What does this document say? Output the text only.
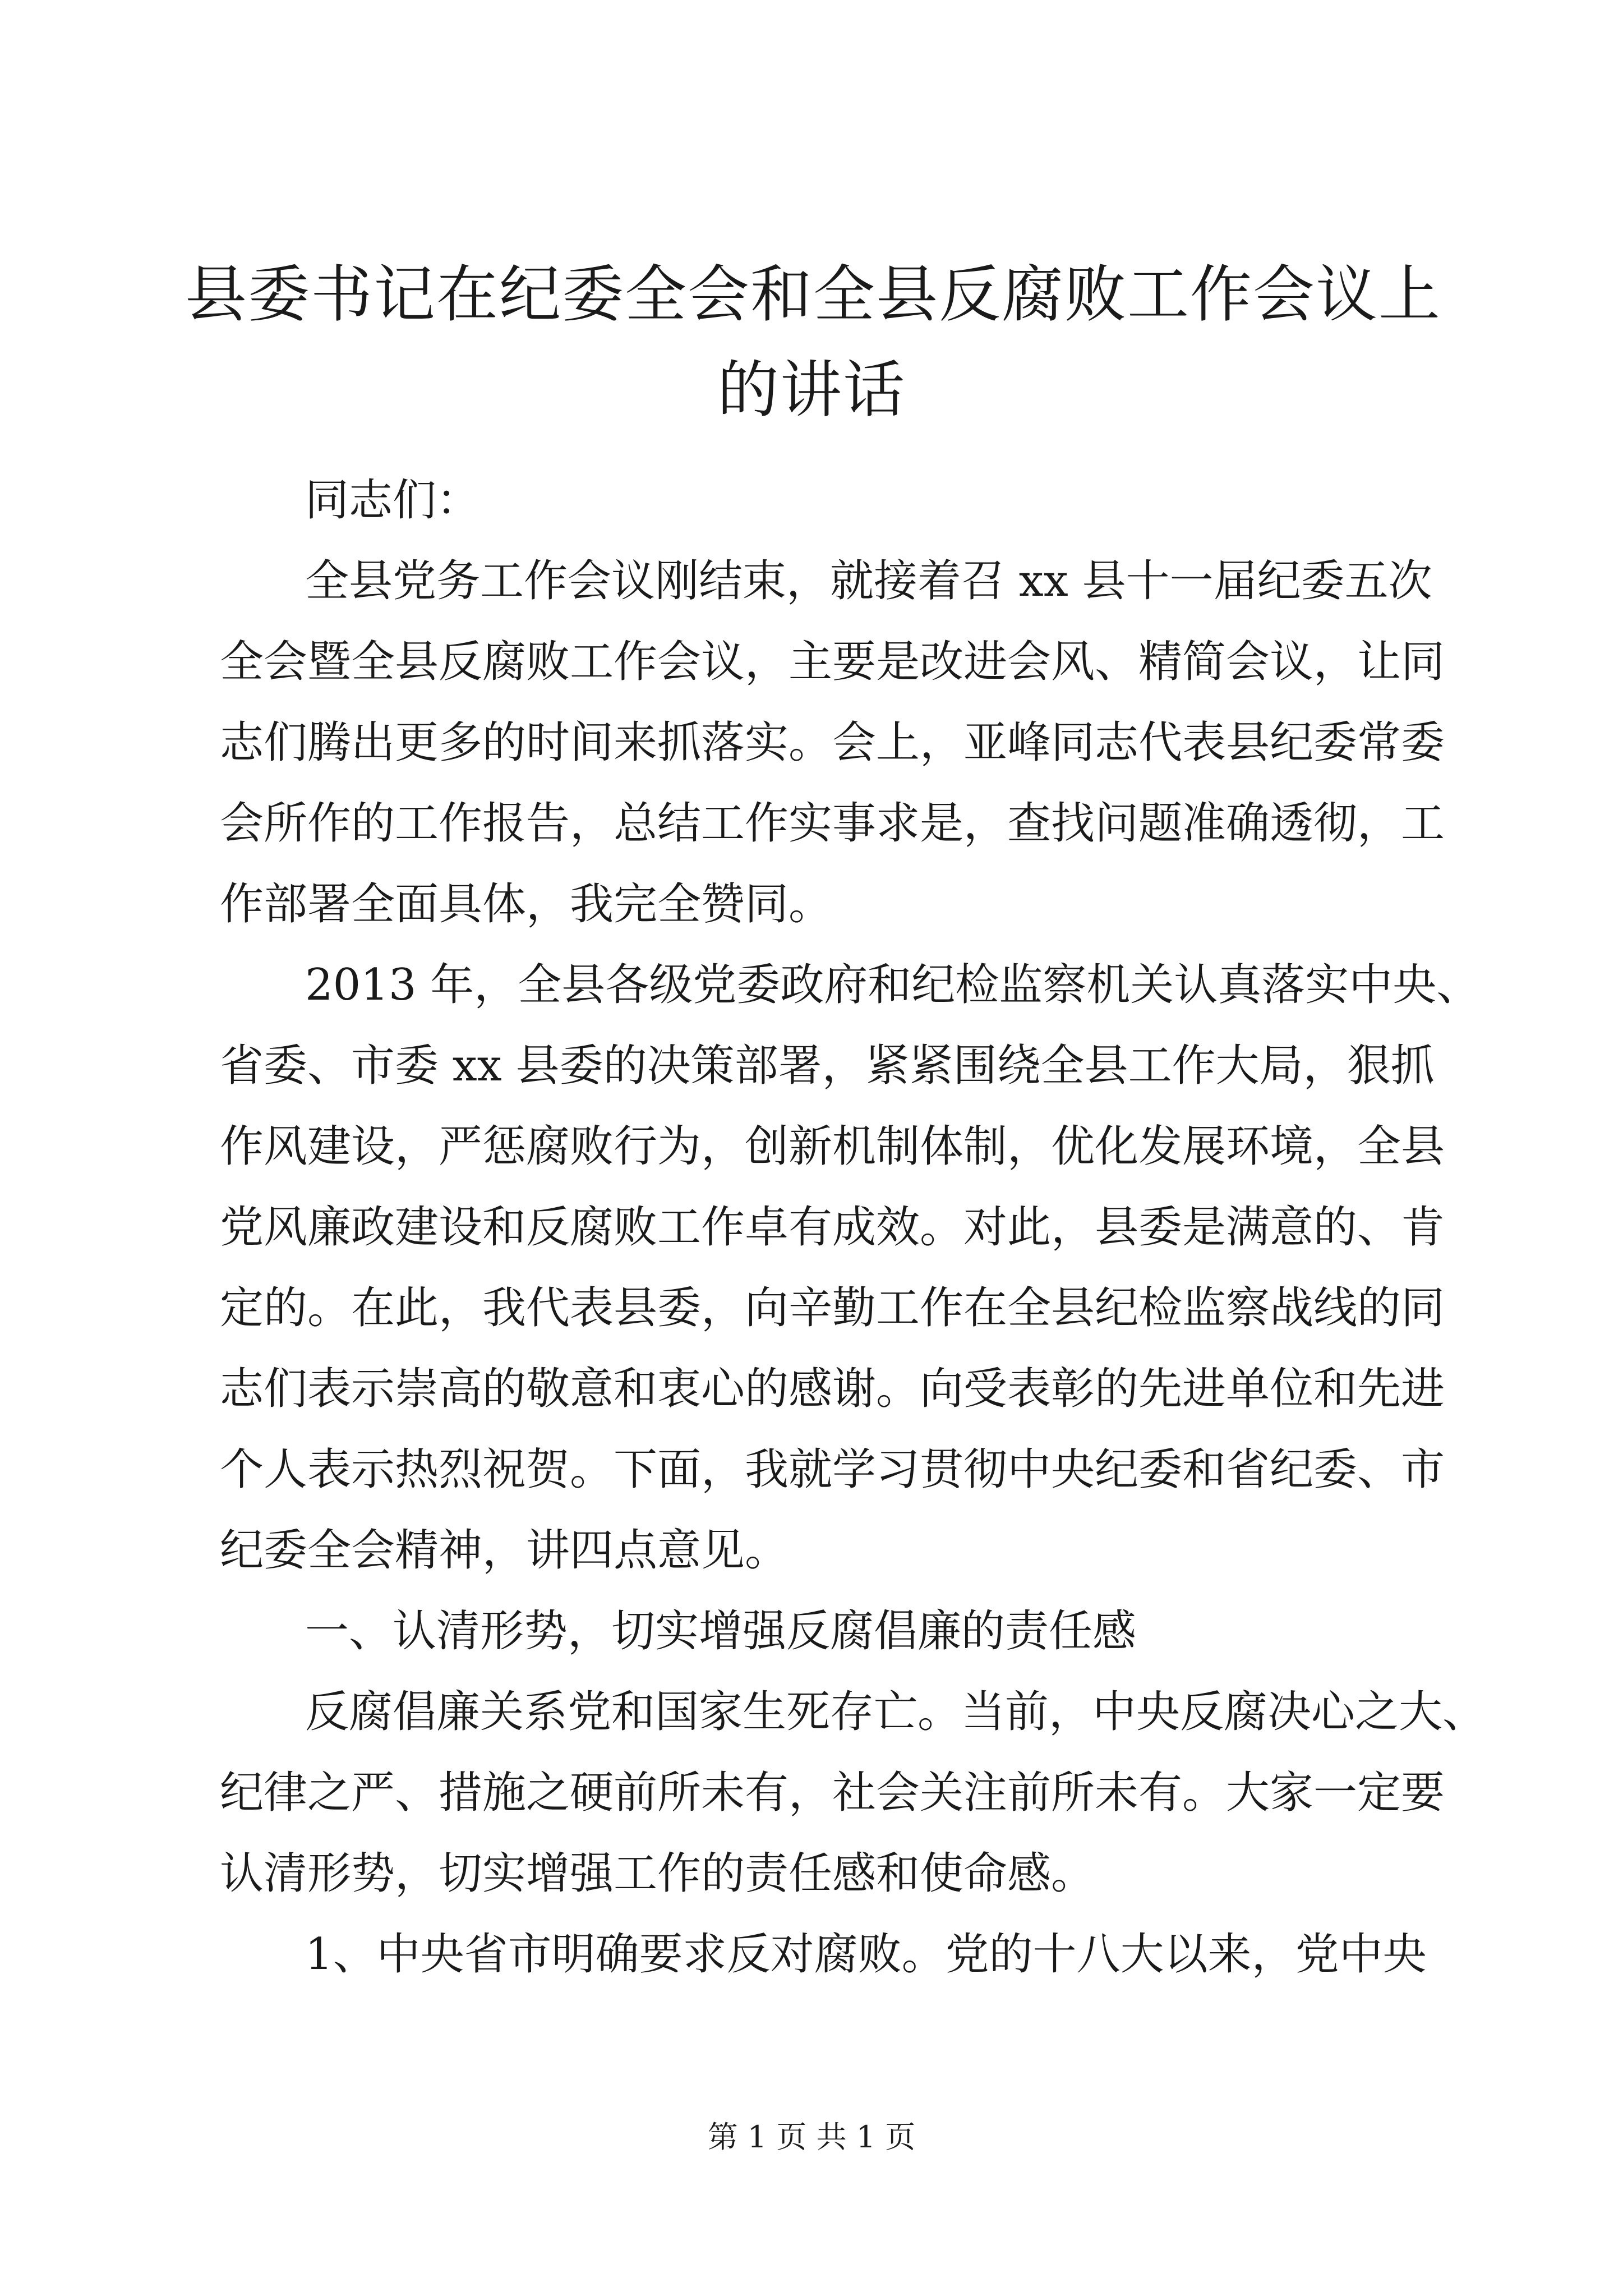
县委书记在纪委全会和全县反腐败工作会议上
的讲话
同志们：
全县党务工作会议刚结束，就接着召 xx 县十一届纪委五次
全会暨全县反腐败工作会议，主要是改进会风、精简会议，让同
志们腾出更多的时间来抓落实。会上，亚峰同志代表县纪委常委
会所作的工作报告，总结工作实事求是，查找问题准确透彻，工
作部署全面具体，我完全赞同。
2013 年，全县各级党委政府和纪检监察机关认真落实中央、
省委、市委 xx 县委的决策部署，紧紧围绕全县工作大局，狠抓
作风建设，严惩腐败行为，创新机制体制，优化发展环境，全县
党风廉政建设和反腐败工作卓有成效。对此，县委是满意的、肯
定的。在此，我代表县委，向辛勤工作在全县纪检监察战线的同
志们表示崇高的敬意和衷心的感谢。向受表彰的先进单位和先进
个人表示热烈祝贺。下面，我就学习贯彻中央纪委和省纪委、市
纪委全会精神，讲四点意见。
一、认清形势，切实增强反腐倡廉的责任感
反腐倡廉关系党和国家生死存亡。当前，中央反腐决心之大、
纪律之严、措施之硬前所未有，社会关注前所未有。大家一定要
认清形势，切实增强工作的责任感和使命感。
1、中央省市明确要求反对腐败。党的十八大以来，党中央
第 1 页 共 1 页
